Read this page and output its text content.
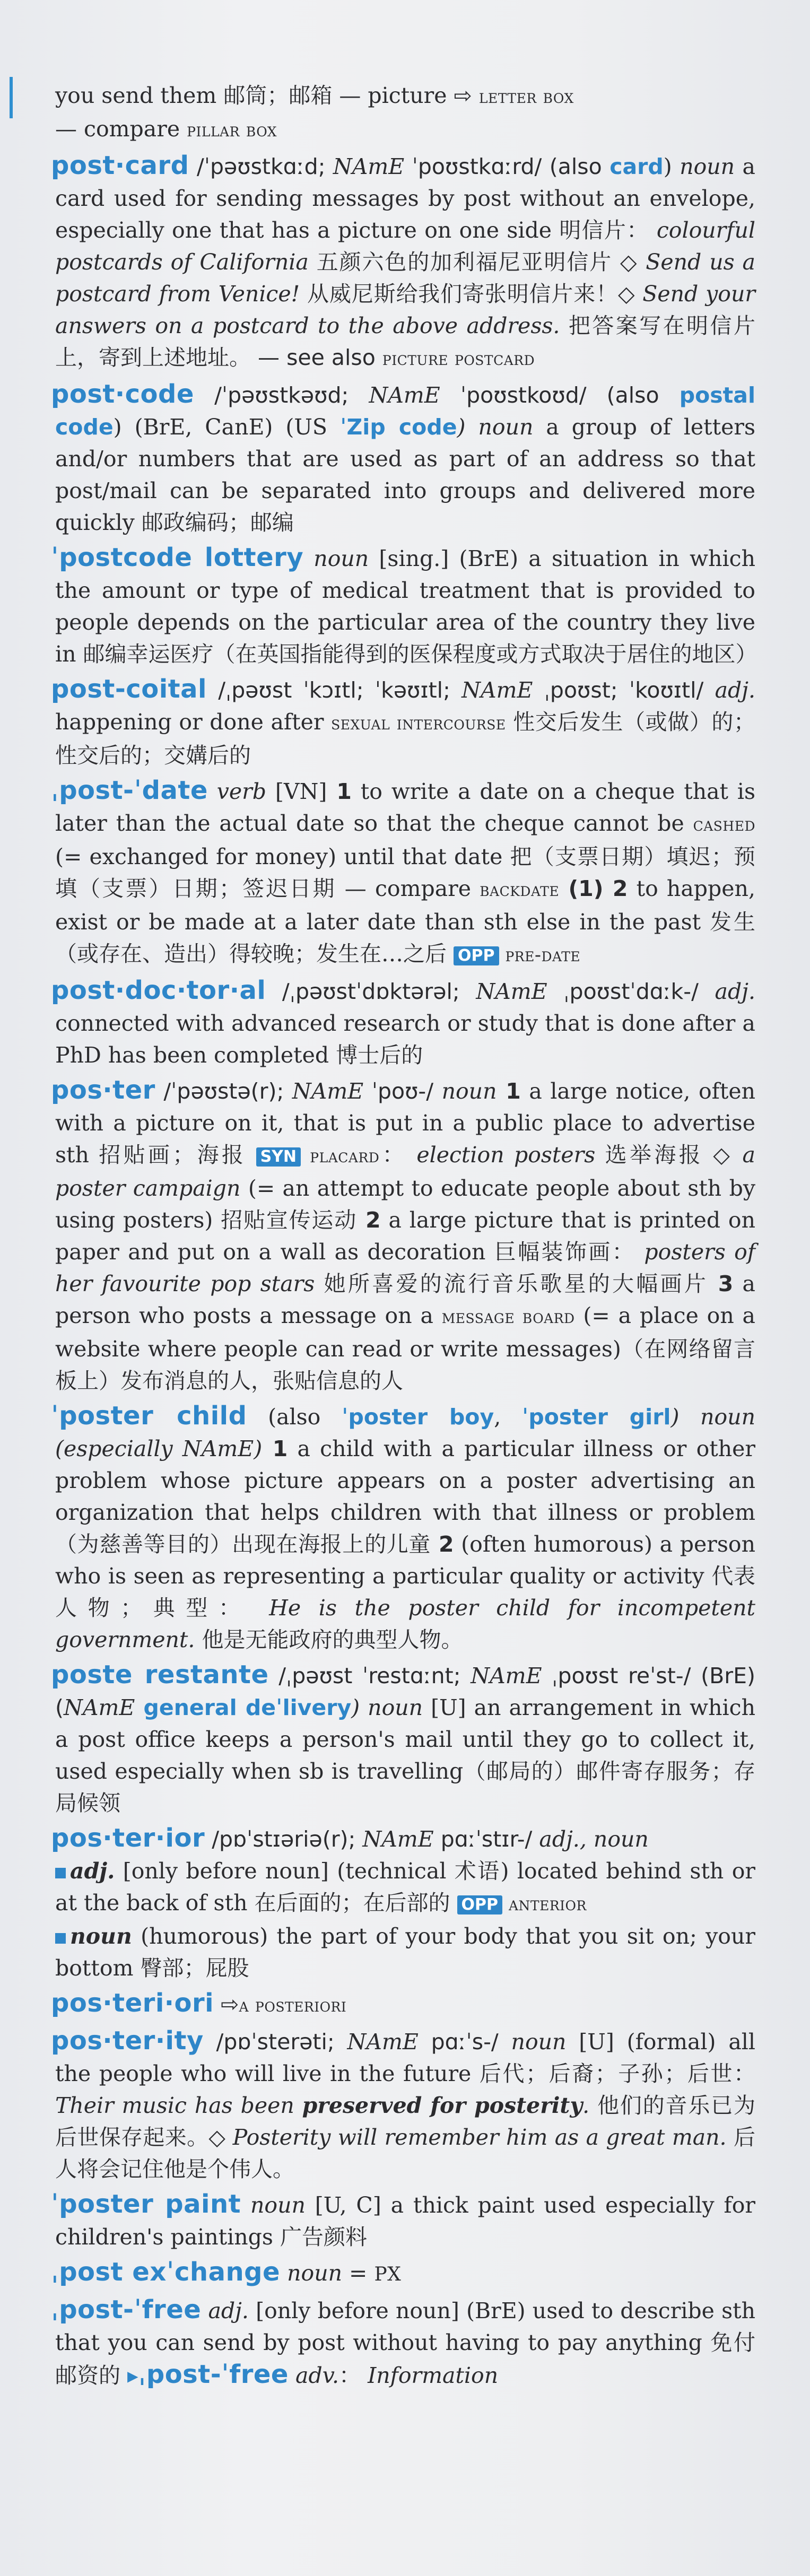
you send them 邮筒；邮箱 — picture ⇨ letter box
— compare pillar box
post·card /ˈpəʊstkɑːd; NAmE ˈpoʊstkɑːrd/ (also card) noun a card used for sending messages by post without an envelope, especially one that has a picture on one side 明信片： colourful postcards of California 五颜六色的加利福尼亚明信片 ◇ Send us a postcard from Venice! 从威尼斯给我们寄张明信片来！◇ Send your answers on a postcard to the above address. 把答案写在明信片上，寄到上述地址。 — see also picture postcard
post·code /ˈpəʊstkəʊd; NAmE ˈpoʊstkoʊd/ (also postal code) (BrE, CanE) (US ˈZip code) noun a group of letters and/or numbers that are used as part of an address so that post/mail can be separated into groups and delivered more quickly 邮政编码；邮编
ˈpostcode lottery noun [sing.] (BrE) a situation in which the amount or type of medical treatment that is provided to people depends on the particular area of the country they live in 邮编幸运医疗（在英国指能得到的医保程度或方式取决于居住的地区）
post-coital /ˌpəʊst ˈkɔɪtl; ˈkəʊɪtl; NAmE ˌpoʊst; ˈkoʊɪtl/ adj. happening or done after sexual intercourse 性交后发生（或做）的；性交后的；交媾后的
ˌpost-ˈdate verb [VN] 1 to write a date on a cheque that is later than the actual date so that the cheque cannot be cashed (= exchanged for money) until that date 把（支票日期）填迟；预填（支票）日期；签迟日期 — compare backdate (1) 2 to happen, exist or be made at a later date than sth else in the past 发生（或存在、造出）得较晚；发生在…之后 OPP pre-date
post·doc·tor·al /ˌpəʊstˈdɒktərəl; NAmE ˌpoʊstˈdɑːk-/ adj. connected with advanced research or study that is done after a PhD has been completed 博士后的
pos·ter /ˈpəʊstə(r); NAmE ˈpoʊ-/ noun 1 a large notice, often with a picture on it, that is put in a public place to advertise sth 招贴画；海报 SYN placard： election posters 选举海报 ◇ a poster campaign (= an attempt to educate people about sth by using posters) 招贴宣传运动 2 a large picture that is printed on paper and put on a wall as decoration 巨幅装饰画： posters of her favourite pop stars 她所喜爱的流行音乐歌星的大幅画片 3 a person who posts a message on a message board (= a place on a website where people can read or write messages)（在网络留言板上）发布消息的人，张贴信息的人
ˈposter child (also ˈposter boy, ˈposter girl) noun (especially NAmE) 1 a child with a particular illness or other problem whose picture appears on a poster advertising an organization that helps children with that illness or problem（为慈善等目的）出现在海报上的儿童 2 (often humorous) a person who is seen as representing a particular quality or activity 代表人物；典型： He is the poster child for incompetent government. 他是无能政府的典型人物。
poste restante /ˌpəʊst ˈrestɑːnt; NAmE ˌpoʊst reˈst-/ (BrE) (NAmE general deˈlivery) noun [U] an arrangement in which a post office keeps a person's mail until they go to collect it, used especially when sb is travelling（邮局的）邮件寄存服务；存局候领
pos·ter·ior /pɒˈstɪəriə(r); NAmE pɑːˈstɪr-/ adj., noun
adj. [only before noun] (technical 术语) located behind sth or at the back of sth 在后面的；在后部的 OPP anterior
noun (humorous) the part of your body that you sit on; your bottom 臀部；屁股
pos·teri·ori ⇨a posteriori
pos·ter·ity /pɒˈsterəti; NAmE pɑːˈs-/ noun [U] (formal) all the people who will live in the future 后代；后裔；子孙；后世： Their music has been preserved for posterity. 他们的音乐已为后世保存起来。◇ Posterity will remember him as a great man. 后人将会记住他是个伟人。
ˈposter paint noun [U, C] a thick paint used especially for children's paintings 广告颜料
ˌpost exˈchange noun = PX
ˌpost-ˈfree adj. [only before noun] (BrE) used to describe sth that you can send by post without having to pay anything 免付邮资的 ▸ˌpost-ˈfree adv.： Information
